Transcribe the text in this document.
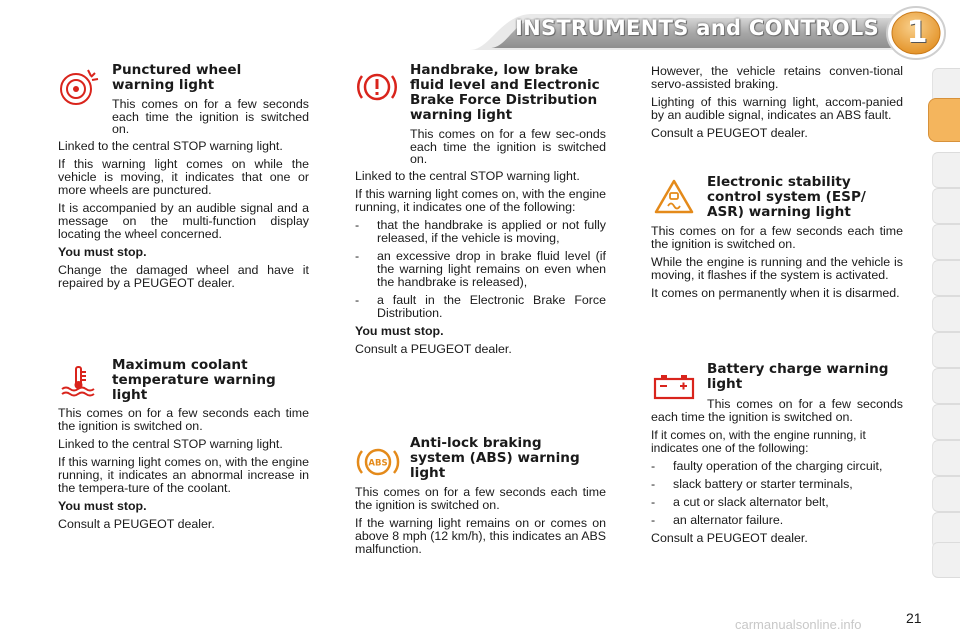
INSTRUMENTS and CONTROLS 1
Punctured wheel
warning light
This comes on for a few seconds each time the ignition is switched on.

Linked to the central STOP warning light.

If this warning light comes on while the vehicle is moving, it indicates that one or more wheels are punctured.

It is accompanied by an audible signal and a message on the multi-function display locating the wheel concerned.

You must stop.

Change the damaged wheel and have it repaired by a PEUGEOT dealer.

Maximum coolant
temperature warning
light

This comes on for a few seconds each time the ignition is switched on.

Linked to the central STOP warning light.

If this warning light comes on, with the engine running, it indicates an abnormal increase in the tempera-ture of the coolant.

You must stop.

Consult a PEUGEOT dealer.

Handbrake, low brake
fluid level and Electronic
Brake Force Distribution
warning light
This comes on for a few sec-onds each time the ignition is switched on.

Linked to the central STOP warning light.

If this warning light comes on, with the engine running, it indicates one of the following:

-	that the handbrake is applied or not fully released, if the vehicle is moving,
-	an excessive drop in brake fluid level (if the warning light remains on even when the handbrake is released),
-	a fault in the Electronic Brake Force Distribution.

You must stop.

Consult a PEUGEOT dealer.

ABS
Anti-lock braking
system (ABS) warning
light

This comes on for a few seconds each time the ignition is switched on.

If the warning light remains on or comes on above 8 mph (12 km/h), this indicates an ABS malfunction.

However, the vehicle retains conven-tional servo-assisted braking.

Lighting of this warning light, accom-panied by an audible signal, indicates an ABS fault.

Consult a PEUGEOT dealer.

Electronic stability
control system (ESP/
ASR) warning light

This comes on for a few seconds each time the ignition is switched on.

While the engine is running and the vehicle is moving, it flashes if the system is activated.

It comes on permanently when it is disarmed.

Battery charge warning
light

This comes on for a few seconds each time the ignition is switched on.

If it comes on, with the engine running, it indicates one of the following:

-	faulty operation of the charging circuit,
-	slack battery or starter terminals,
-	a cut or slack alternator belt,
-	an alternator failure.

Consult a PEUGEOT dealer.

carmanualsonline.info	21
